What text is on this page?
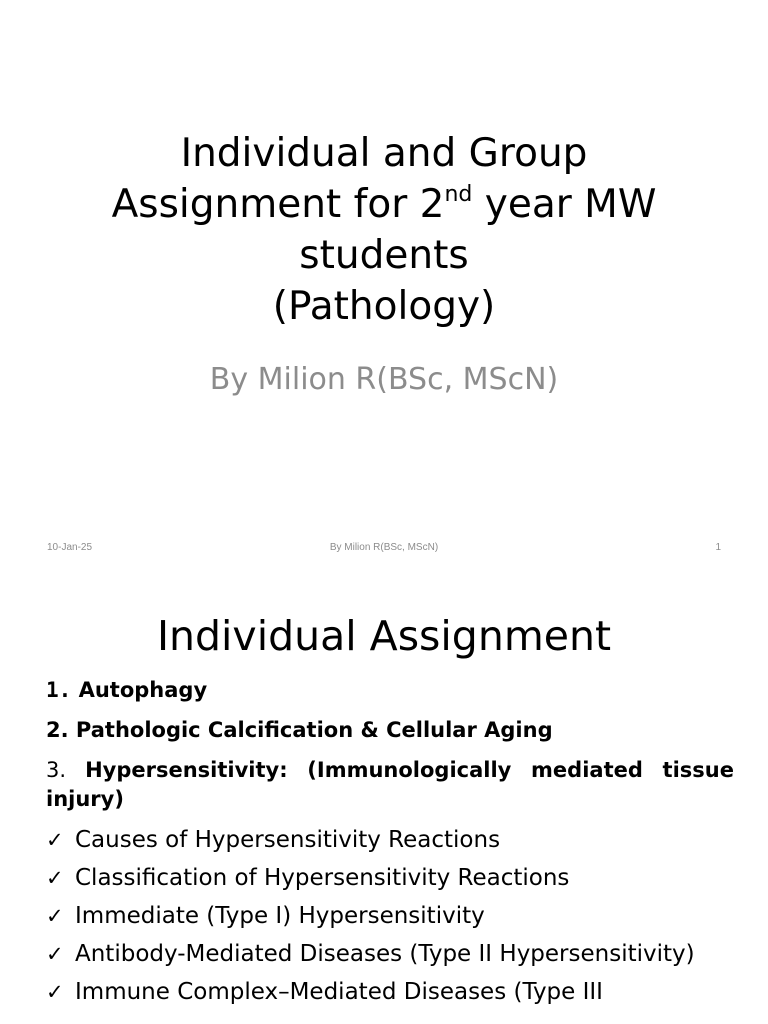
Individual and Group
Assignment for 2nd year MW
students
(Pathology)
By Milion R(BSc, MScN)
10-Jan-25	By Milion R(BSc, MScN)	1
Individual Assignment
1. Autophagy
2. Pathologic Calcification & Cellular Aging
3. Hypersensitivity: (Immunologically mediated tissue injury)
✓ Causes of Hypersensitivity Reactions
✓ Classification of Hypersensitivity Reactions
✓ Immediate (Type I) Hypersensitivity
✓ Antibody-Mediated Diseases (Type II Hypersensitivity)
✓ Immune Complex–Mediated Diseases (Type III
